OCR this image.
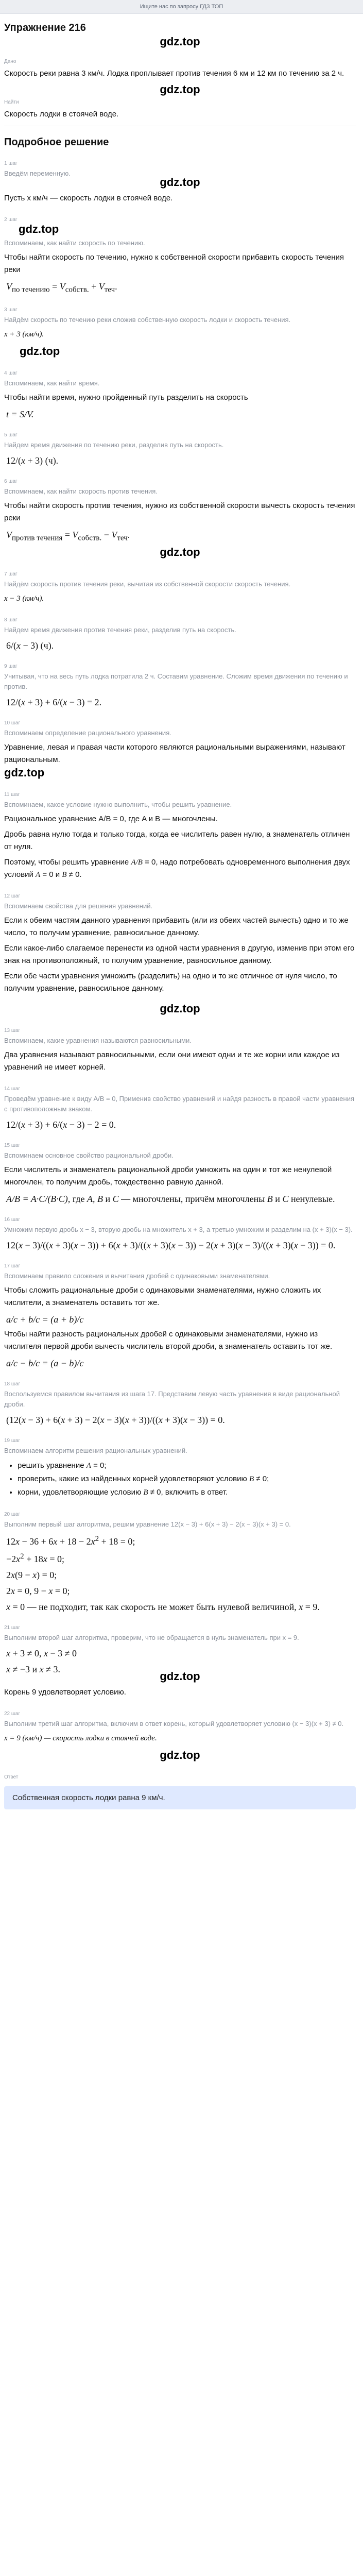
Ищите нас по запросу ГДЗ ТОП
Упражнение 216
gdz.top
Дано

Скорость реки равна 3 км/ч. Лодка проплывает против течения 6 км и 12 км по течению за 2 ч.

gdz.top
Найти

Скорость лодки в стоячей воде.

Подробное решение
1 шаг
Введём переменную.
gdz.top

Пусть x км/ч — скорость лодки в стоячей воде.

2 шаг
gdz.top
Вспоминаем, как найти скорость по течению.

Чтобы найти скорость по течению, нужно к собственной скорости прибавить скорость течения реки

$V_{по течению} = V_{собств.} + V_{теч}$.
3 шаг
Найдём скорость по течению реки сложив собственную скорость лодки и скорость течения.

x + 3 (км/ч).

gdz.top
4 шаг
Вспоминаем, как найти время.

Чтобы найти время, нужно пройденный путь разделить на скорость

t = S/V.
5 шаг
Найдем время движения по течению реки, разделив путь на скорость.
12/(x + 3) (ч).
6 шаг
Вспоминаем, как найти скорость против течения.

Чтобы найти скорость против течения, нужно из собственной скорости вычесть скорость течения реки

$V_{против течения} = V_{собств.} - V_{теч}$.
gdz.top
7 шаг
Найдём скорость против течения реки, вычитая из собственной скорости скорость течения.

x − 3 (км/ч).

8 шаг
Найдем время движения против течения реки, разделив путь на скорость.
6/(x − 3) (ч).
9 шаг
Учитывая, что на весь путь лодка потратила 2 ч. Составим уравнение. Сложим время движения по течению и против.
12/(x + 3) + 6/(x − 3) = 2.
10 шаг
Вспоминаем определение рационального уравнения.

Уравнение, левая и правая части которого являются рациональными выражениями, называют рациональным.

gdz.top
11 шаг
Вспоминаем, какое условие нужно выполнить, чтобы решить уравнение.

Рациональное уравнение A/B = 0, где A и B — многочлены.

Дробь равна нулю тогда и только тогда, когда ее числитель равен нулю, а знаменатель отличен от нуля.

Поэтому, чтобы решить уравнение A/B = 0, надо потребовать одновременного выполнения двух условий A = 0 и B ≠ 0.

12 шаг
Вспоминаем свойства для решения уравнений.

Если к обеим частям данного уравнения прибавить (или из обеих частей вычесть) одно и то же число, то получим уравнение, равносильное данному.

Если какое-либо слагаемое перенести из одной части уравнения в другую, изменив при этом его знак на противоположный, то получим уравнение, равносильное данному.

Если обе части уравнения умножить (разделить) на одно и то же отличное от нуля число, то получим уравнение, равносильное данному.

gdz.top
13 шаг
Вспоминаем, какие уравнения называются равносильными.

Два уравнения называют равносильными, если они имеют одни и те же корни или каждое из уравнений не имеет корней.

14 шаг
Проведём уравнение к виду A/B = 0, Применив свойство уравнений и найдя разность в правой части уравнения с противоположным знаком.
12/(x + 3) + 6/(x − 3) − 2 = 0.
15 шаг
Вспоминаем основное свойство рациональной дроби.

Если числитель и знаменатель рациональной дроби умножить на один и тот же ненулевой многочлен, то получим дробь, тождественно равную данной.

A/B = A·C/(B·C), где A, B и C — многочлены, причём многочлены B и C ненулевые.
16 шаг
Умножим первую дробь x − 3, вторую дробь на множитель x + 3, а третью умножим и разделим на (x + 3)(x − 3).
12(x − 3)/((x + 3)(x − 3)) + 6(x + 3)/((x + 3)(x − 3)) − 2(x + 3)(x − 3)/((x + 3)(x − 3)) = 0.
17 шаг
Вспоминаем правило сложения и вычитания дробей с одинаковыми знаменателями.

Чтобы сложить рациональные дроби с одинаковыми знаменателями, нужно сложить их числители, а знаменатель оставить тот же.

a/c + b/c = (a + b)/c

Чтобы найти разность рациональных дробей с одинаковыми знаменателями, нужно из числителя первой дроби вычесть числитель второй дроби, а знаменатель оставить тот же.

a/c − b/c = (a − b)/c
18 шаг
Воспользуемся правилом вычитания из шага 17. Представим левую часть уравнения в виде рациональной дроби.
(12(x − 3) + 6(x + 3) − 2(x − 3)(x + 3))/((x + 3)(x − 3)) = 0.
19 шаг
Вспоминаем алгоритм решения рациональных уравнений.
• решить уравнение A = 0;
• проверить, какие из найденных корней удовлетворяют условию B ≠ 0;
• корни, удовлетворяющие условию B ≠ 0, включить в ответ.
20 шаг
Выполним первый шаг алгоритма, решим уравнение 12(x − 3) + 6(x + 3) − 2(x − 3)(x + 3) = 0.
$12x - 36 + 6x + 18 - 2x^2 + 18 = 0$;
$-2x^2 + 18x = 0$;
2x(9 − x) = 0;
2x = 0, 9 − x = 0;
x = 0 — не подходит, так как скорость не может быть нулевой величиной, x = 9.
21 шаг
Выполним второй шаг алгоритма, проверим, что не обращается в нуль знаменатель при x = 9.
x + 3 ≠ 0, x − 3 ≠ 0
x ≠ −3 и x ≠ 3.
gdz.top

Корень 9 удовлетворяет условию.

22 шаг
Выполним третий шаг алгоритма, включим в ответ корень, который удовлетворяет условию (x − 3)(x + 3) ≠ 0.

x = 9 (км/ч) — скорость лодки в стоячей воде.

gdz.top
Ответ
Собственная скорость лодки равна 9 км/ч.
